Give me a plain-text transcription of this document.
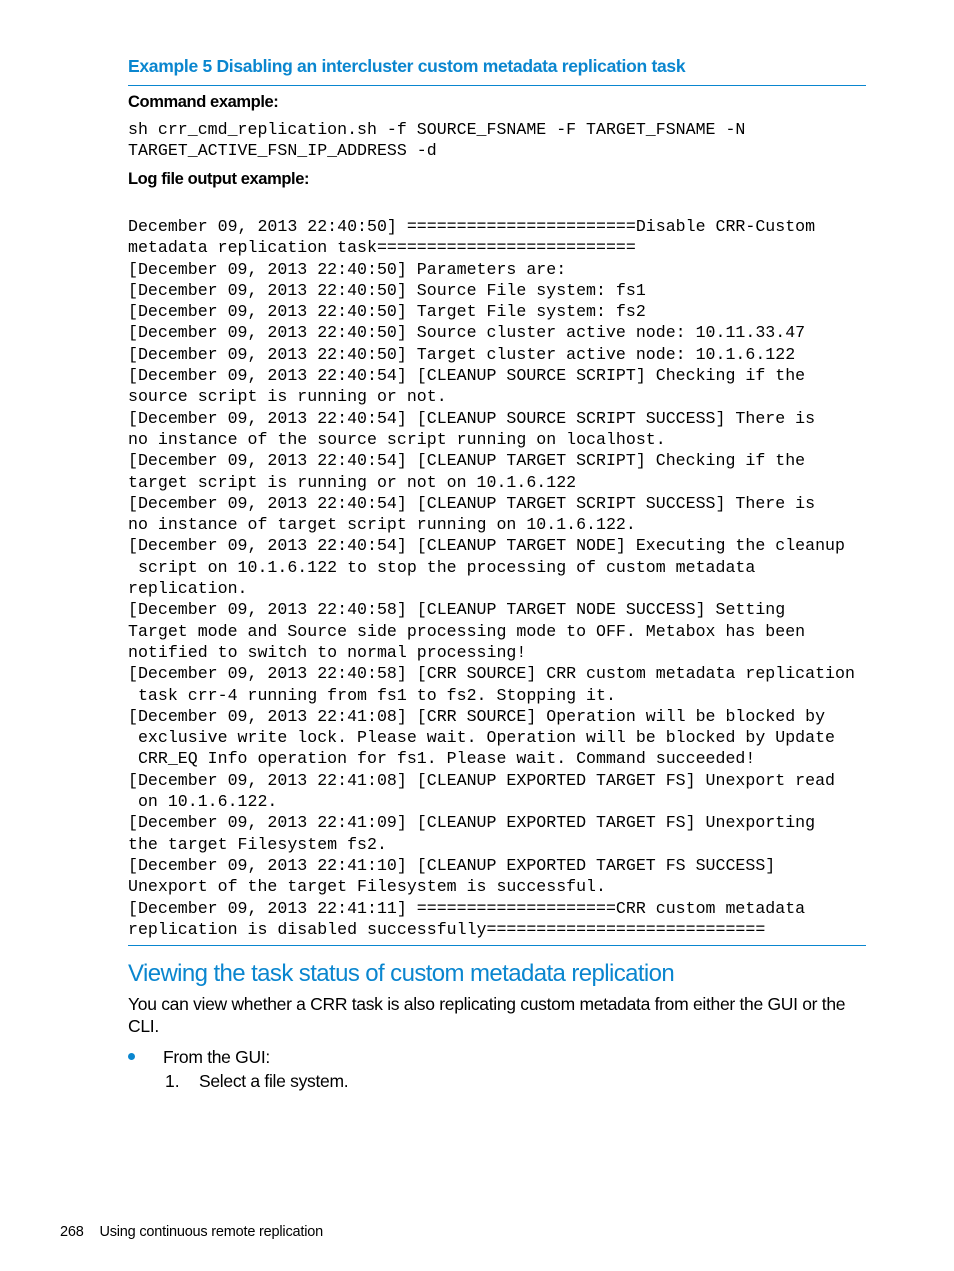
Example 5 Disabling an intercluster custom metadata replication task

Command example:

sh crr_cmd_replication.sh -f SOURCE_FSNAME -F TARGET_FSNAME -N
TARGET_ACTIVE_FSN_IP_ADDRESS -d

Log file output example:

December 09, 2013 22:40:50] =======================Disable CRR-Custom
metadata replication task==========================
[December 09, 2013 22:40:50] Parameters are:
[December 09, 2013 22:40:50] Source File system: fs1
[December 09, 2013 22:40:50] Target File system: fs2
[December 09, 2013 22:40:50] Source cluster active node: 10.11.33.47
[December 09, 2013 22:40:50] Target cluster active node: 10.1.6.122
[December 09, 2013 22:40:54] [CLEANUP SOURCE SCRIPT] Checking if the
source script is running or not.
[December 09, 2013 22:40:54] [CLEANUP SOURCE SCRIPT SUCCESS] There is
no instance of the source script running on localhost.
[December 09, 2013 22:40:54] [CLEANUP TARGET SCRIPT] Checking if the
target script is running or not on 10.1.6.122
[December 09, 2013 22:40:54] [CLEANUP TARGET SCRIPT SUCCESS] There is
no instance of target script running on 10.1.6.122.
[December 09, 2013 22:40:54] [CLEANUP TARGET NODE] Executing the cleanup
script on 10.1.6.122 to stop the processing of custom metadata
replication.
[December 09, 2013 22:40:58] [CLEANUP TARGET NODE SUCCESS] Setting
Target mode and Source side processing mode to OFF. Metabox has been
notified to switch to normal processing!
[December 09, 2013 22:40:58] [CRR SOURCE] CRR custom metadata replication
task crr-4 running from fs1 to fs2. Stopping it.
[December 09, 2013 22:41:08] [CRR SOURCE] Operation will be blocked by
exclusive write lock. Please wait. Operation will be blocked by Update
CRR_EQ Info operation for fs1. Please wait. Command succeeded!
[December 09, 2013 22:41:08] [CLEANUP EXPORTED TARGET FS] Unexport read
on 10.1.6.122.
[December 09, 2013 22:41:09] [CLEANUP EXPORTED TARGET FS] Unexporting
the target Filesystem fs2.
[December 09, 2013 22:41:10] [CLEANUP EXPORTED TARGET FS SUCCESS]
Unexport of the target Filesystem is successful.
[December 09, 2013 22:41:11] ====================CRR custom metadata
replication is disabled successfully============================
Viewing the task status of custom metadata replication

You can view whether a CRR task is also replicating custom metadata from either the GUI or the CLI.

From the GUI:
1. Select a file system.
268 Using continuous remote replication
